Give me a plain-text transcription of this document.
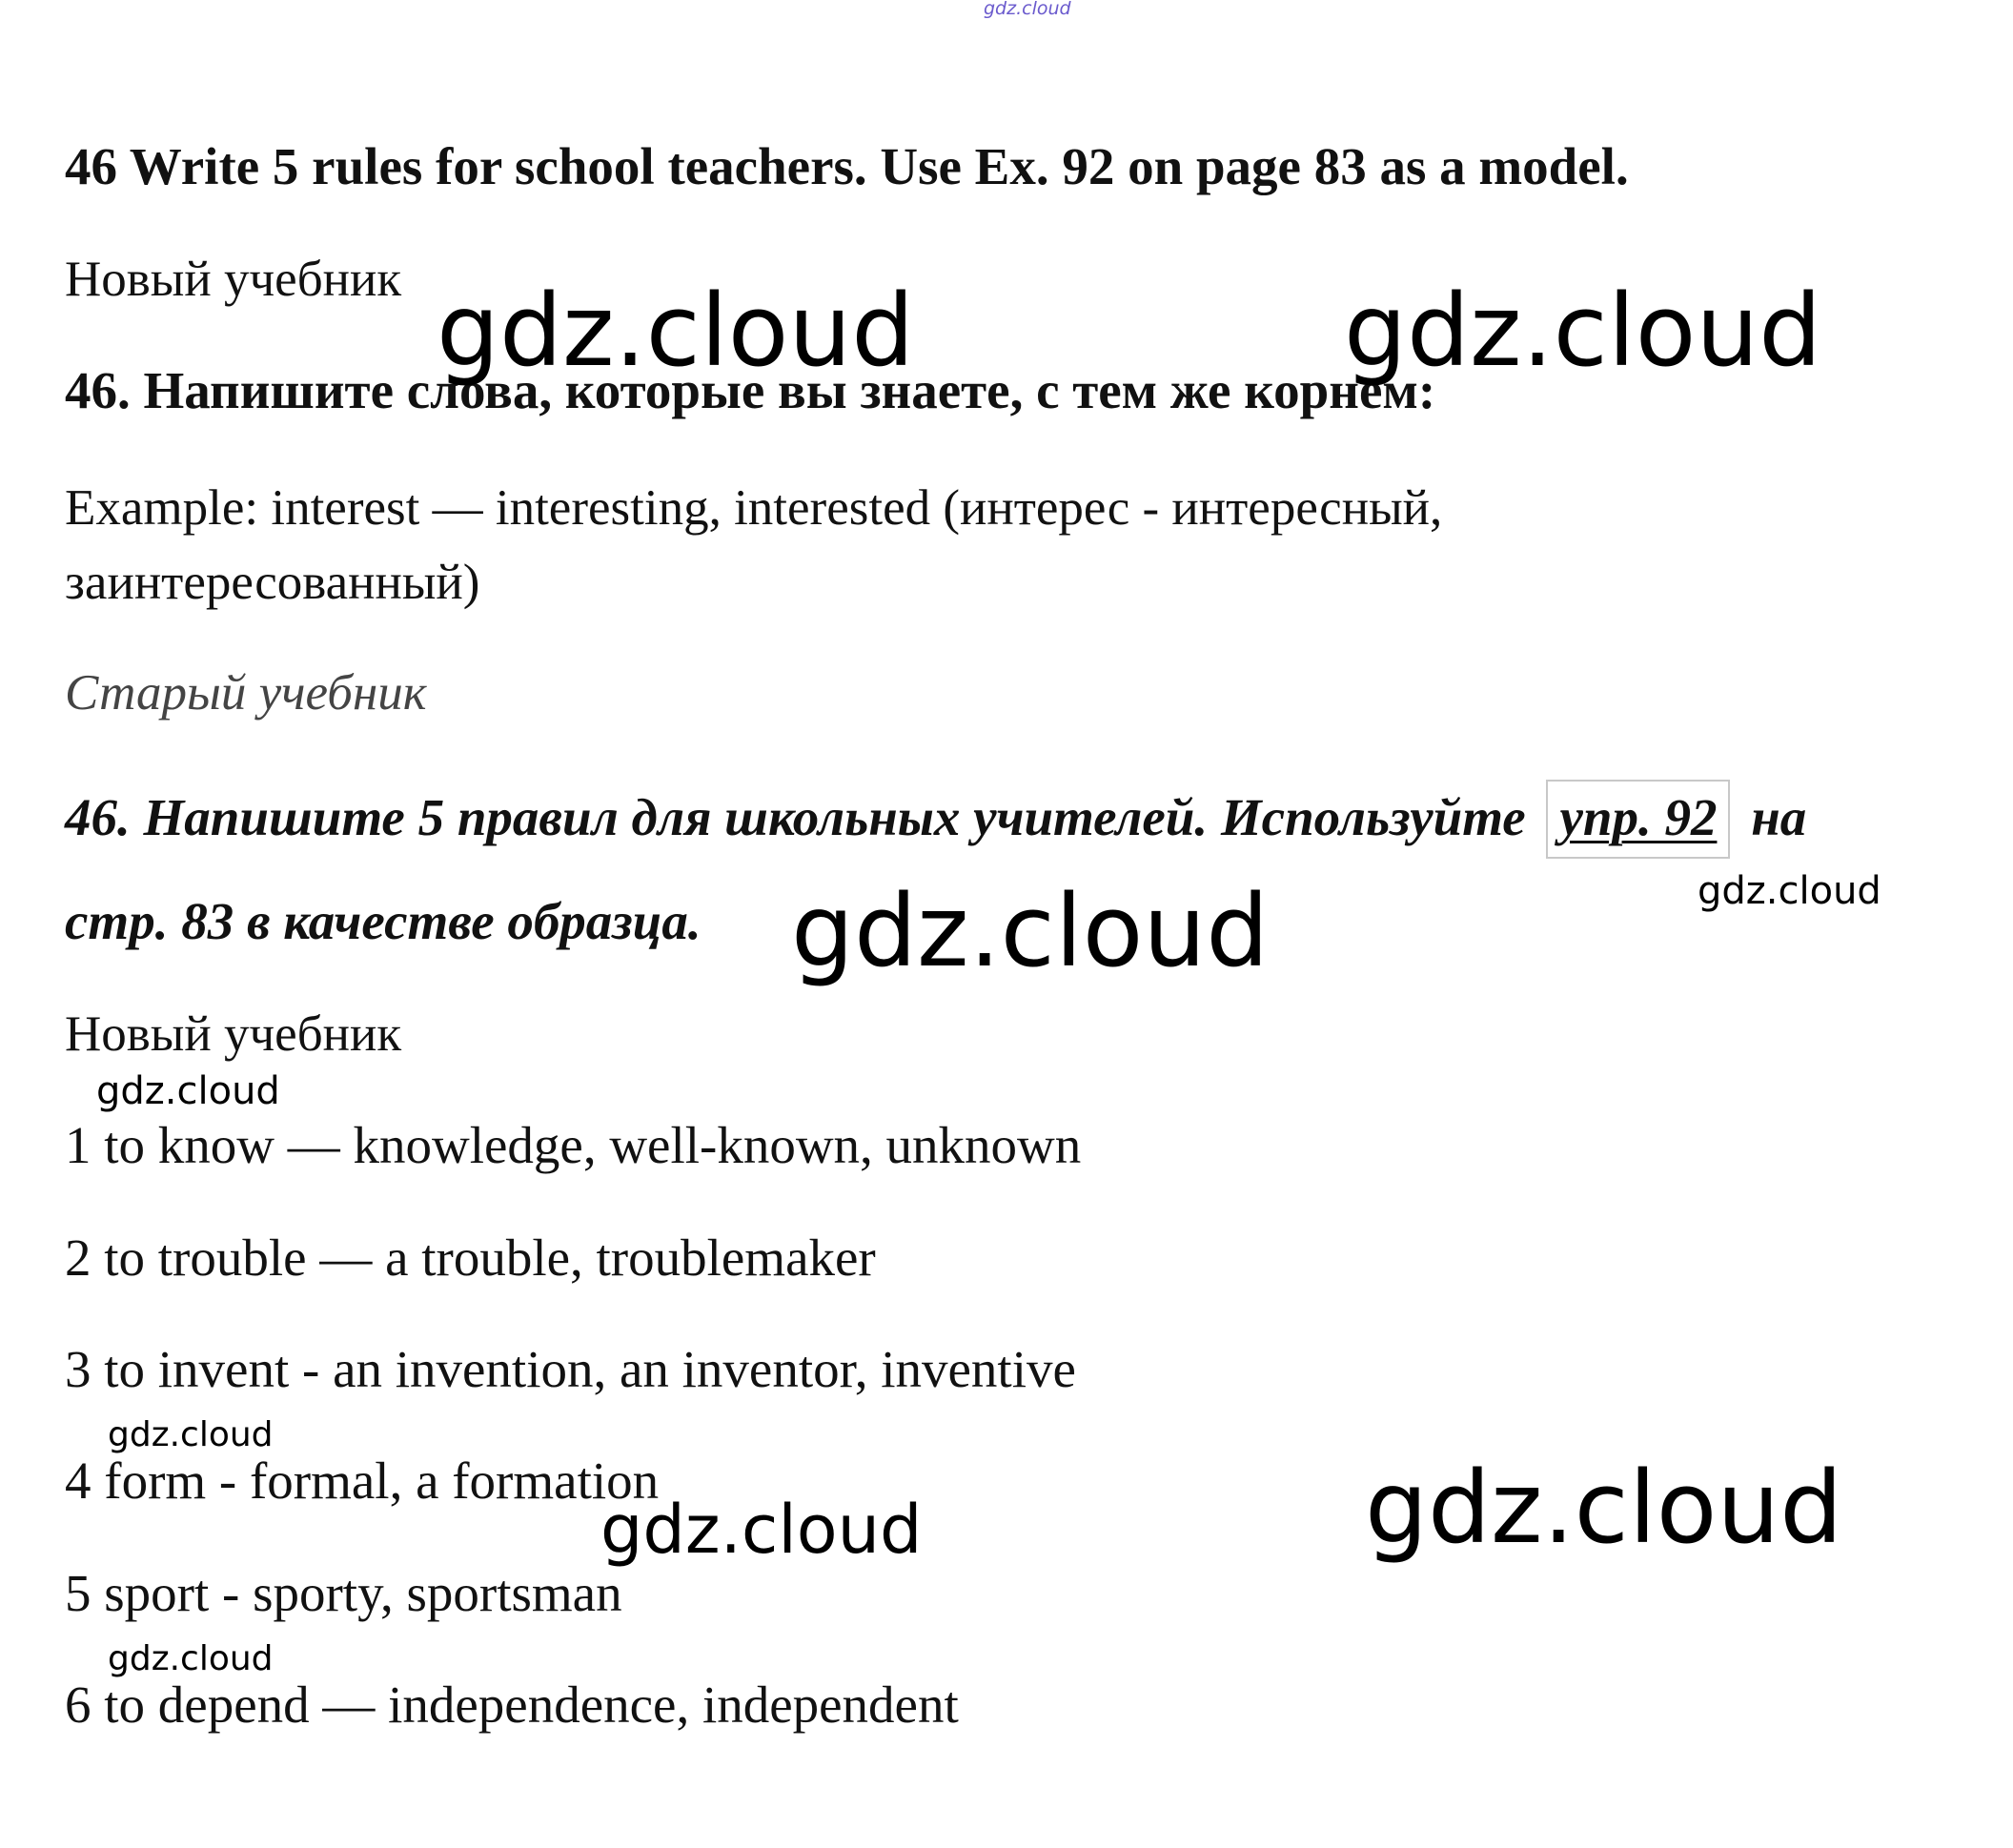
gdz.cloud
46 Write 5 rules for school teachers. Use Ex. 92 on page 83 as a model.
Новый учебник
46. Напишите слова, которые вы знаете, с тем же корнем:
Example: interest — interesting, interested (интерес - интересный,
заинтересованный)
Старый учебник
46. Напишите 5 правил для школьных учителей. Используйте упр. 92 на
стр. 83 в качестве образца.
Новый учебник
1 to know — knowledge, well-known, unknown
2 to trouble — a trouble, troublemaker
3 to invent - an invention, an inventor, inventive
4 form - formal, a formation
5 sport - sporty, sportsman
6 to depend — independence, independent
gdz.cloud	gdz.cloud
gdz.cloud	gdz.cloud
gdz.cloud
gdz.cloud
gdz.cloud	gdz.cloud
gdz.cloud
